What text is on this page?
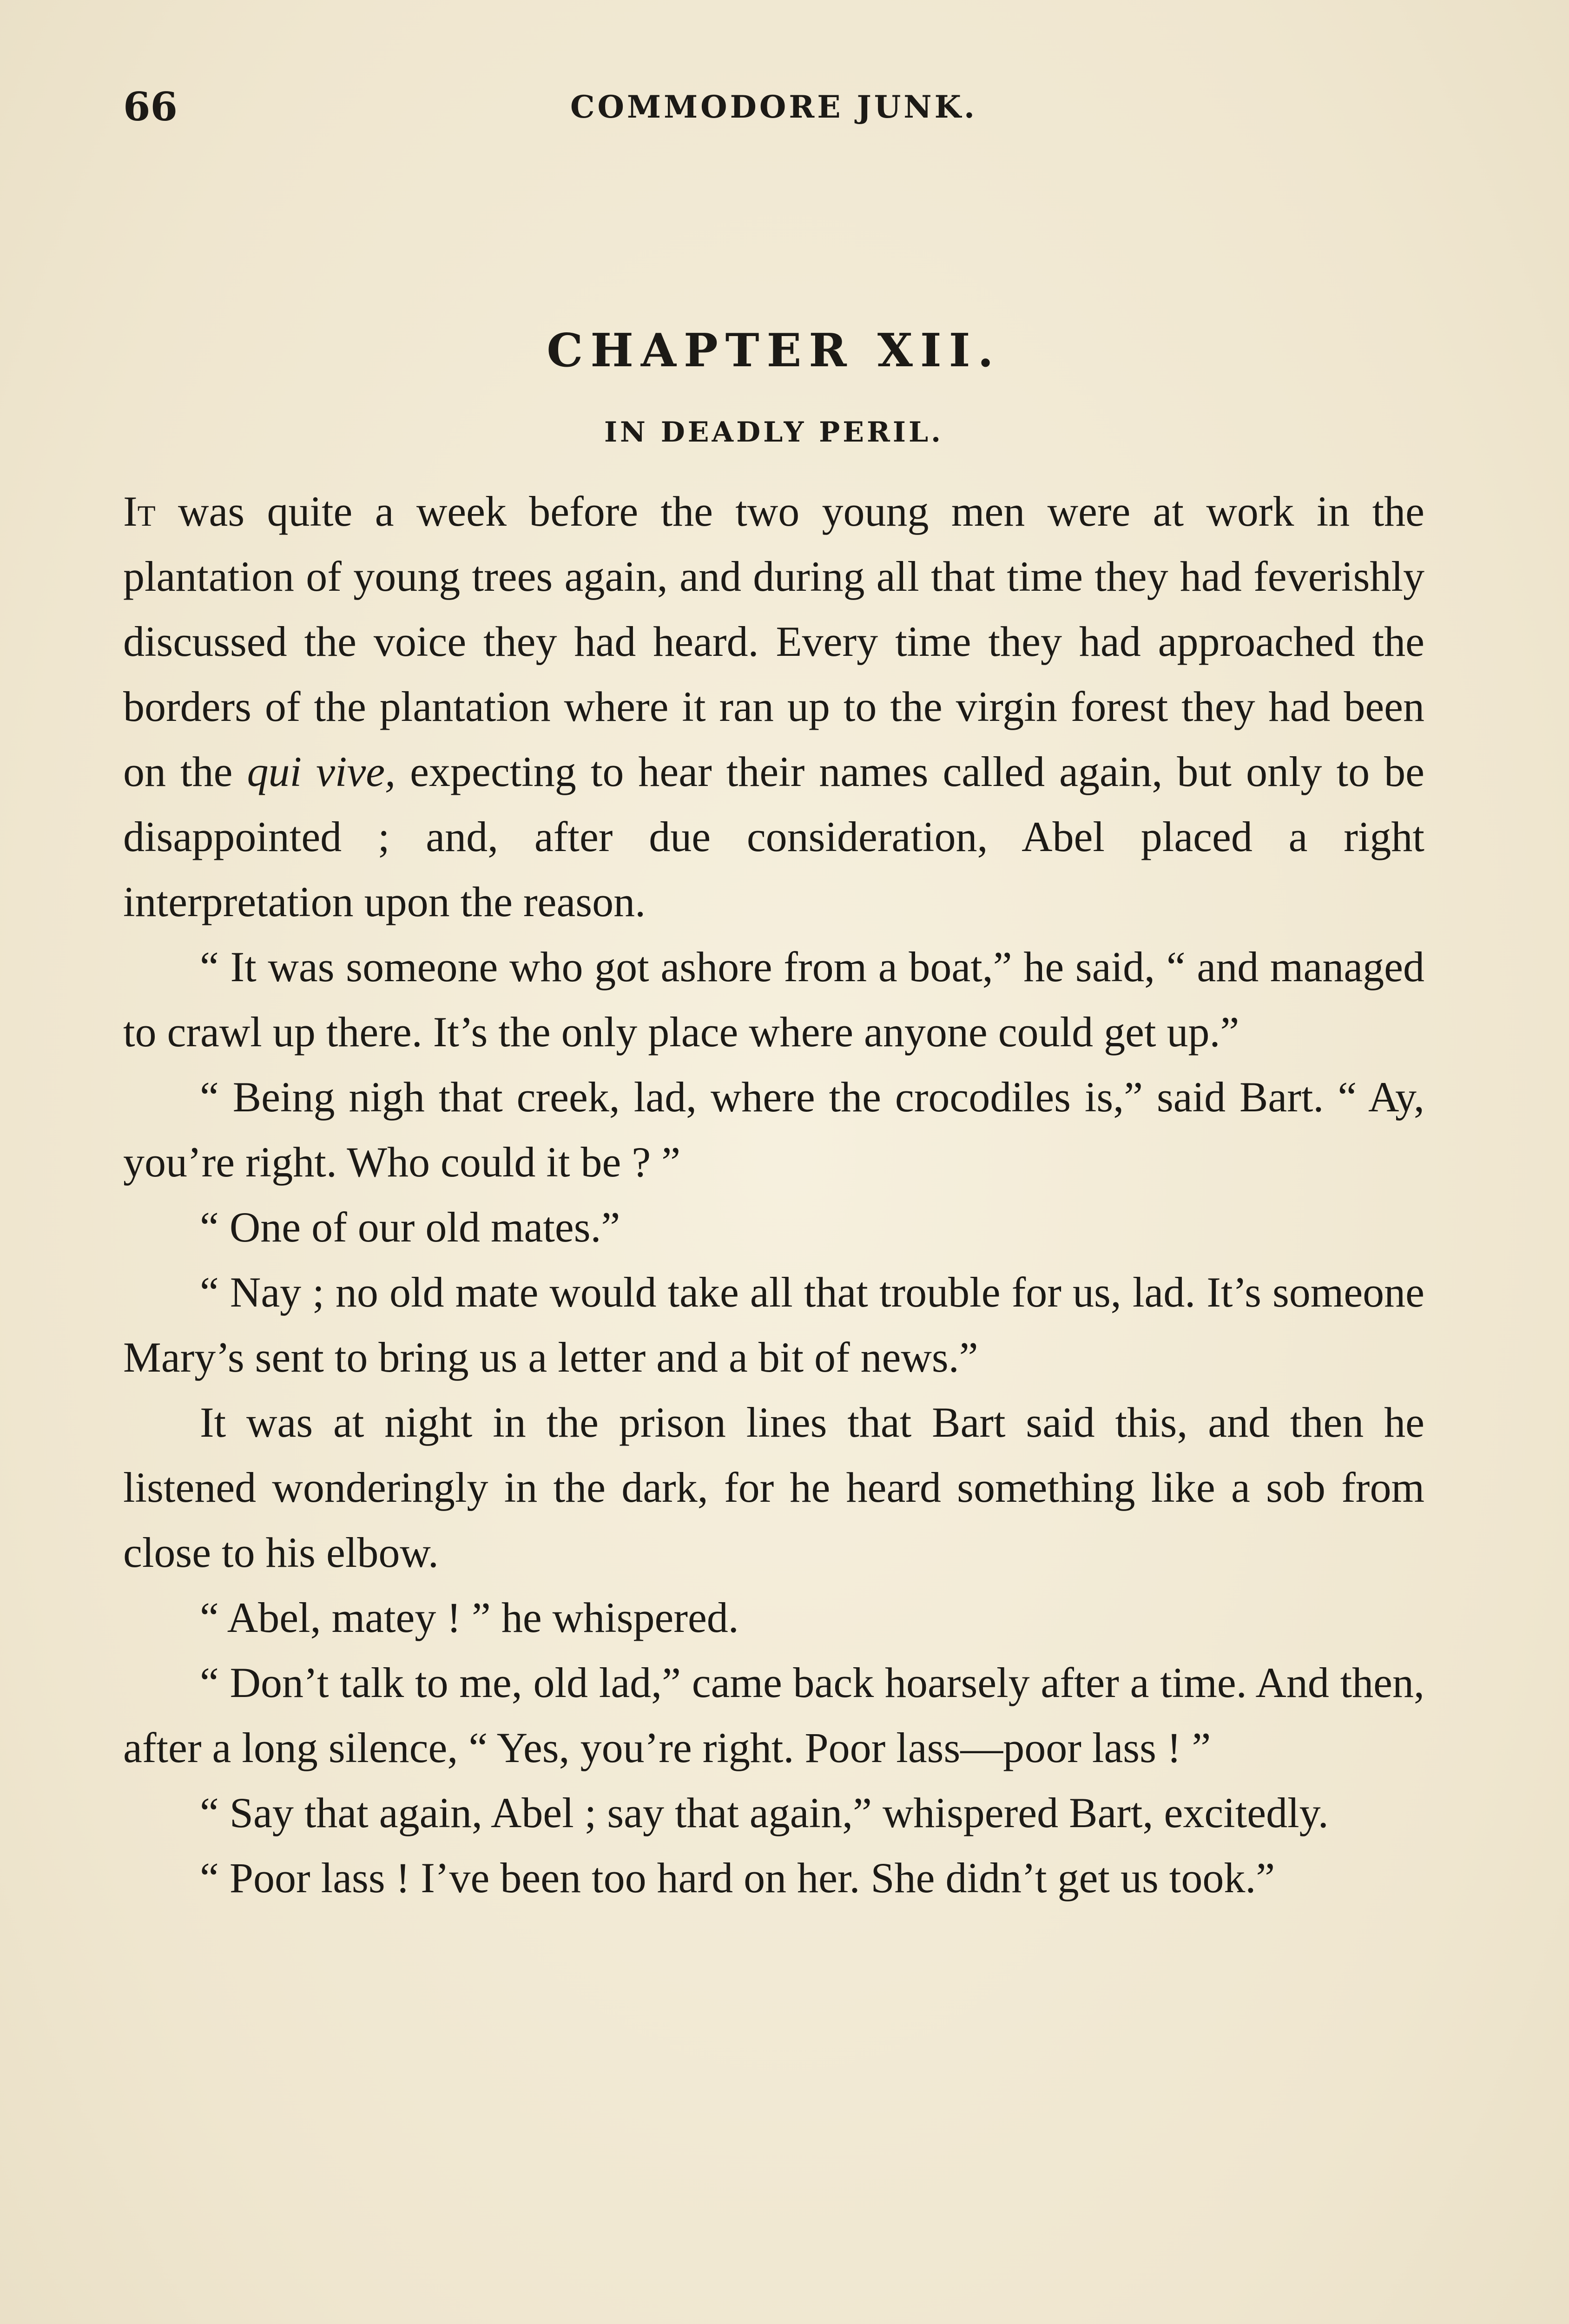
66	COMMODORE JUNK.
CHAPTER XII.
IN DEADLY PERIL.

It was quite a week before the two young men were at work in the plantation of young trees again, and during all that time they had feverishly discussed the voice they had heard. Every time they had approached the borders of the plantation where it ran up to the virgin forest they had been on the qui vive, expecting to hear their names called again, but only to be disappointed ; and, after due consideration, Abel placed a right interpretation upon the reason.

“ It was someone who got ashore from a boat,” he said, “ and managed to crawl up there. It’s the only place where anyone could get up.”

“ Being nigh that creek, lad, where the crocodiles is,” said Bart. “ Ay, you’re right. Who could it be ? ”

“ One of our old mates.”

“ Nay ; no old mate would take all that trouble for us, lad. It’s someone Mary’s sent to bring us a letter and a bit of news.”

It was at night in the prison lines that Bart said this, and then he listened wonderingly in the dark, for he heard something like a sob from close to his elbow.

“ Abel, matey ! ” he whispered.

“ Don’t talk to me, old lad,” came back hoarsely after a time. And then, after a long silence, “ Yes, you’re right. Poor lass—poor lass ! ”

“ Say that again, Abel ; say that again,” whispered Bart, excitedly.

“ Poor lass ! I’ve been too hard on her. She didn’t get us took.”
